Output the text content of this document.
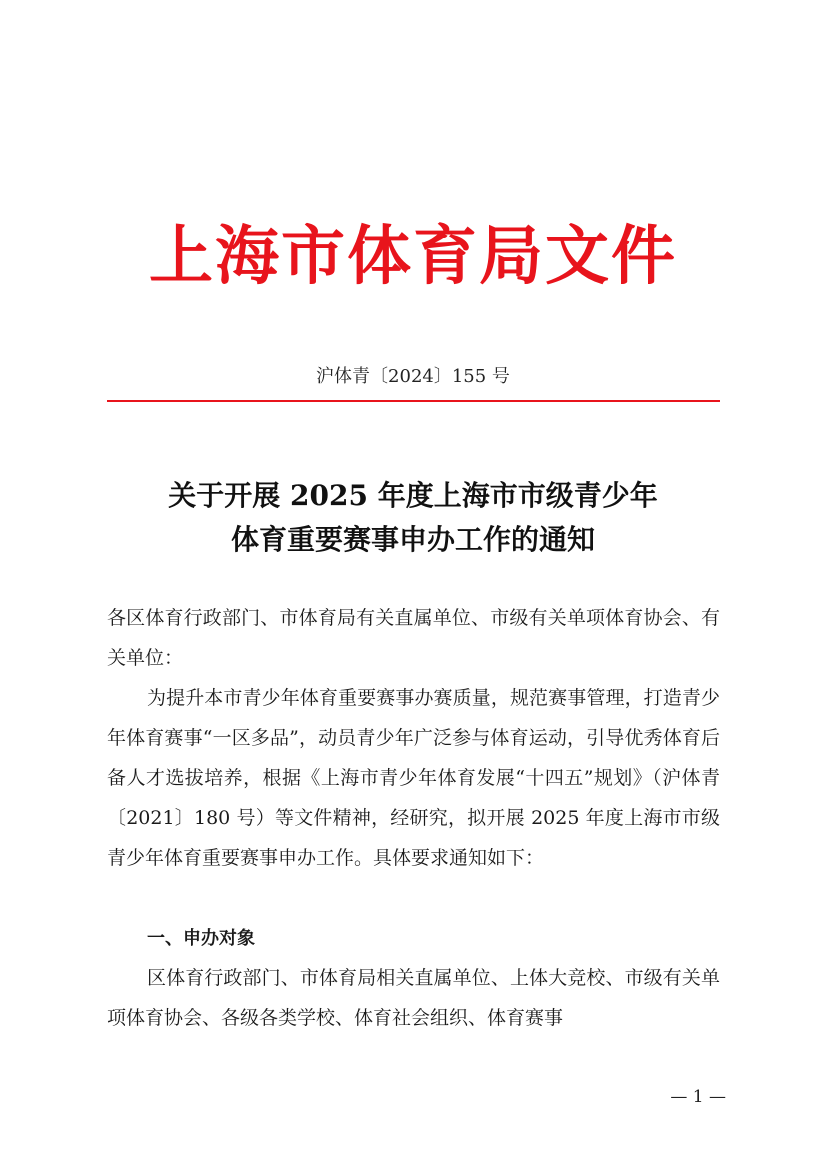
上海市体育局文件
沪体青〔2024〕155 号
关于开展 2025 年度上海市市级青少年
体育重要赛事申办工作的通知
各区体育行政部门、市体育局有关直属单位、市级有关单项体育协会、有关单位：
为提升本市青少年体育重要赛事办赛质量，规范赛事管理，打造青少年体育赛事“一区多品”，动员青少年广泛参与体育运动，引导优秀体育后备人才选拔培养，根据《上海市青少年体育发展“十四五”规划》（沪体青〔2021〕180 号）等文件精神，经研究，拟开展 2025 年度上海市市级青少年体育重要赛事申办工作。具体要求通知如下：
一、申办对象
区体育行政部门、市体育局相关直属单位、上体大竞校、市级有关单项体育协会、各级各类学校、体育社会组织、体育赛事
— 1 —
